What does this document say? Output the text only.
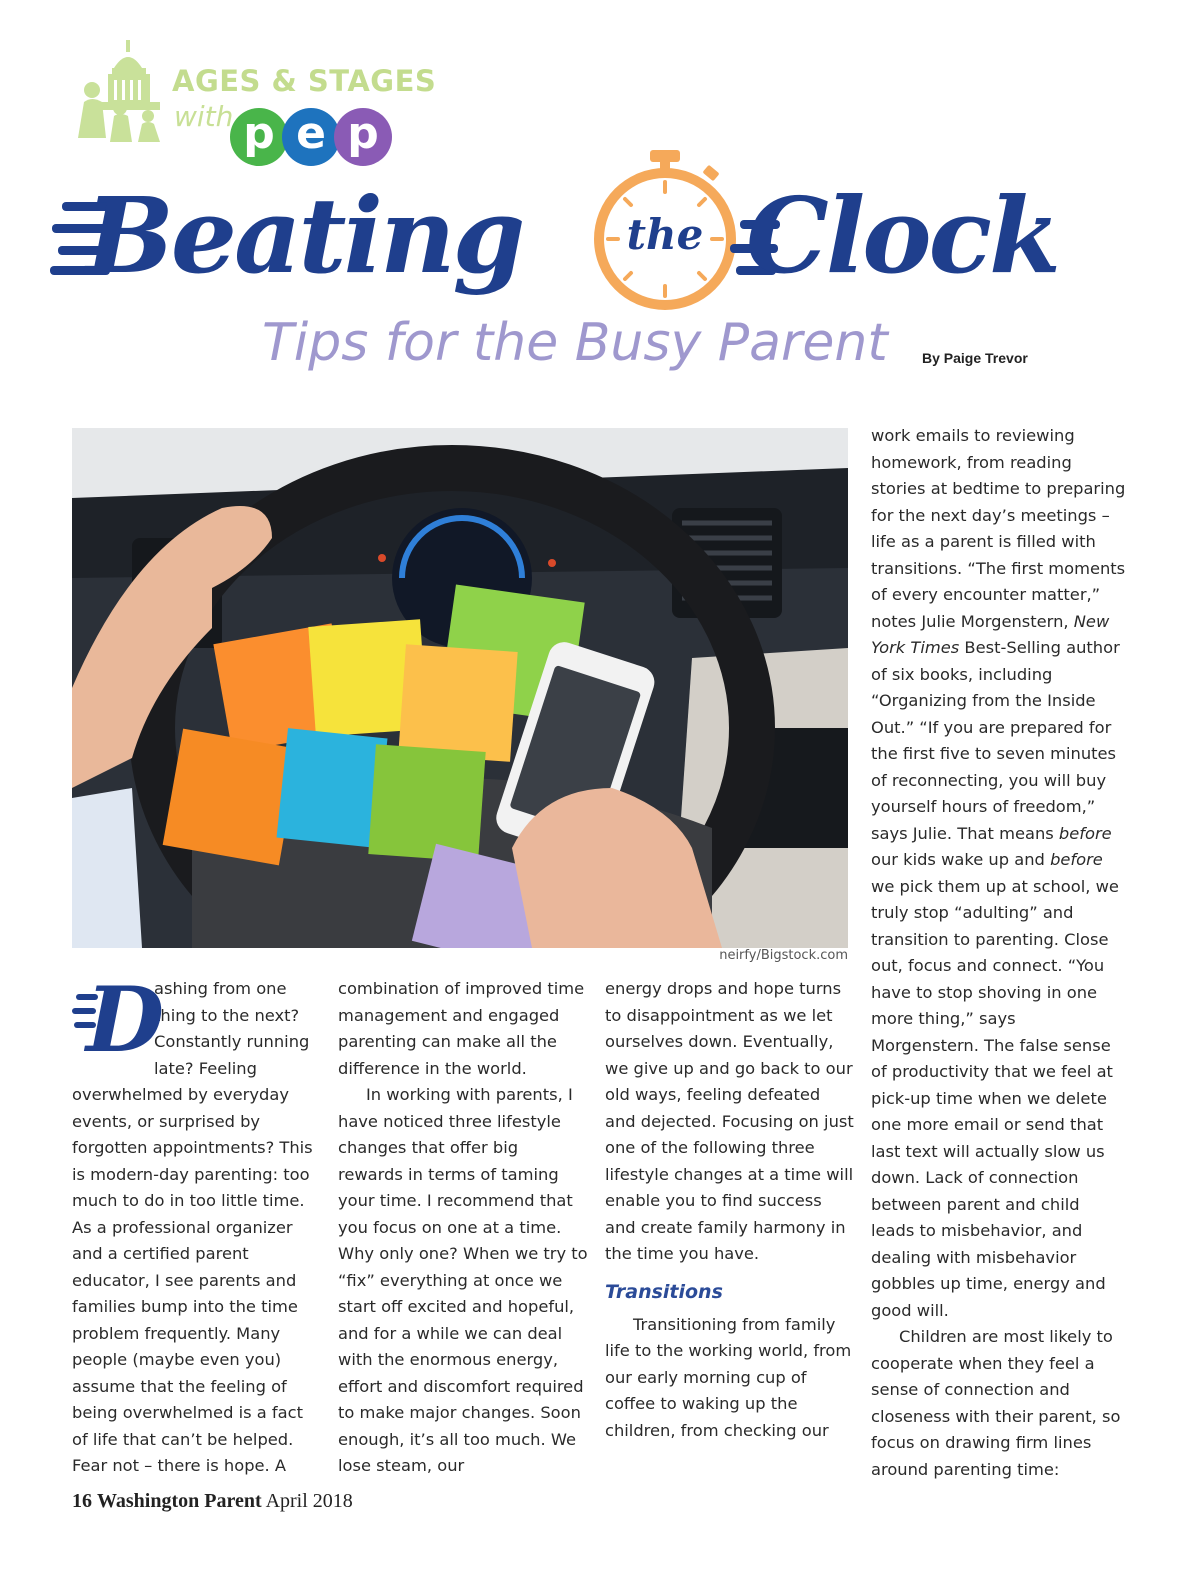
AGES & STAGES
with p e p
Beating	the Clock
Tips for the Busy Parent By Paige Trevor
neirfy/Bigstock.com
D

ashing from one thing to the next? Constantly running late? Feeling overwhelmed by everyday events, or surprised by forgotten appointments? This is modern-day parenting: too much to do in too little time. As a professional organizer and a certified parent educator, I see parents and families bump into the time problem frequently. Many people (maybe even you) assume that the feeling of being overwhelmed is a fact of life that can’t be helped. Fear not – there is hope. A

combination of improved time management and engaged parenting can make all the difference in the world.

In working with parents, I have noticed three lifestyle changes that offer big rewards in terms of taming your time. I recommend that you focus on one at a time. Why only one? When we try to “fix” everything at once we start off excited and hopeful, and for a while we can deal with the enormous energy, effort and discomfort required to make major changes. Soon enough, it’s all too much. We lose steam, our

energy drops and hope turns to disappointment as we let ourselves down. Eventually, we give up and go back to our old ways, feeling defeated and dejected. Focusing on just one of the following three lifestyle changes at a time will enable you to find success and create family harmony in the time you have.

Transitions

Transitioning from family life to the working world, from our early morning cup of coffee to waking up the children, from checking our

work emails to reviewing homework, from reading stories at bedtime to preparing for the next day’s meetings – life as a parent is filled with transitions. “The first moments of every encounter matter,” notes Julie Morgenstern, New York Times Best-Selling author of six books, including “Organizing from the Inside Out.” “If you are prepared for the first five to seven minutes of reconnecting, you will buy yourself hours of freedom,” says Julie. That means before our kids wake up and before we pick them up at school, we truly stop “adulting” and transition to parenting. Close out, focus and connect. “You have to stop shoving in one more thing,” says Morgenstern. The false sense of productivity that we feel at pick-up time when we delete one more email or send that last text will actually slow us down. Lack of connection between parent and child leads to misbehavior, and dealing with misbehavior gobbles up time, energy and good will.

Children are most likely to cooperate when they feel a sense of connection and closeness with their parent, so focus on drawing firm lines around parenting time:

16 Washington Parent April 2018
